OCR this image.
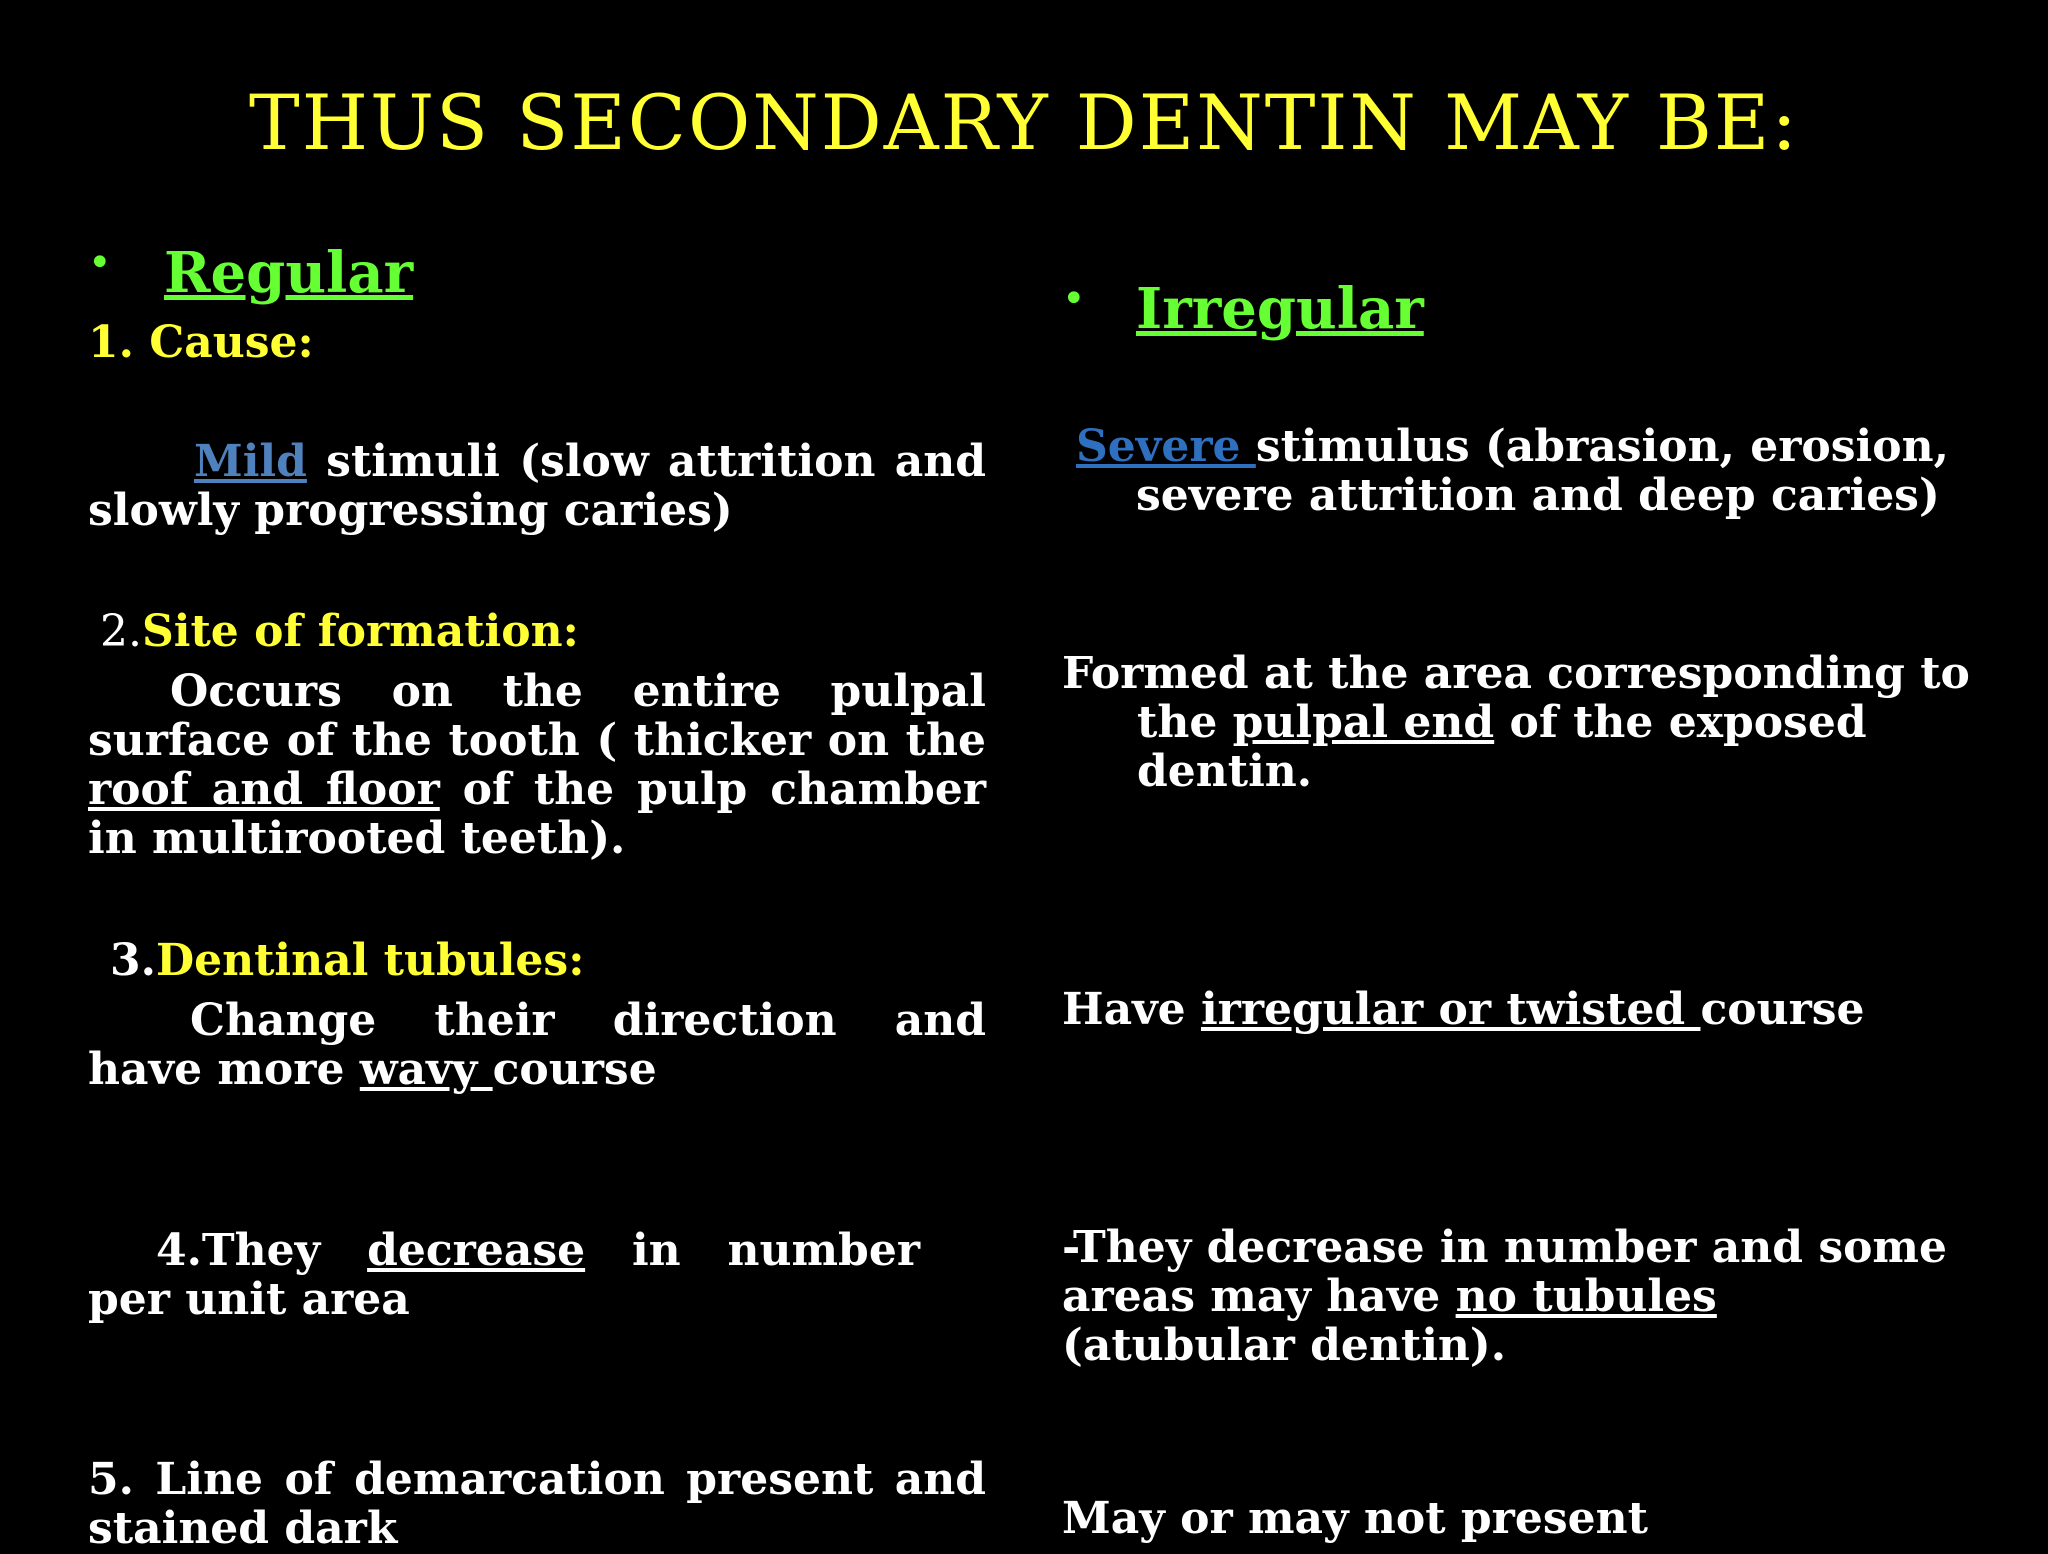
THUS SECONDARY DENTIN MAY BE:
• Regular
1. Cause:
Mild stimuli (slow attrition and slowly progressing caries)
2.Site of formation:
Occurs on the entire pulpal surface of the tooth ( thicker on the roof and floor of the pulp chamber in multirooted teeth).
3.Dentinal tubules:
Change their direction and have more wavy course
4.They decrease in number per unit area
5. Line of demarcation present and stained dark
• Irregular
Severe stimulus (abrasion, erosion, severe attrition and deep caries)
Formed at the area corresponding to the pulpal end of the exposed dentin.
Have irregular or twisted course
-They decrease in number and some areas may have no tubules (atubular dentin).
May or may not present
